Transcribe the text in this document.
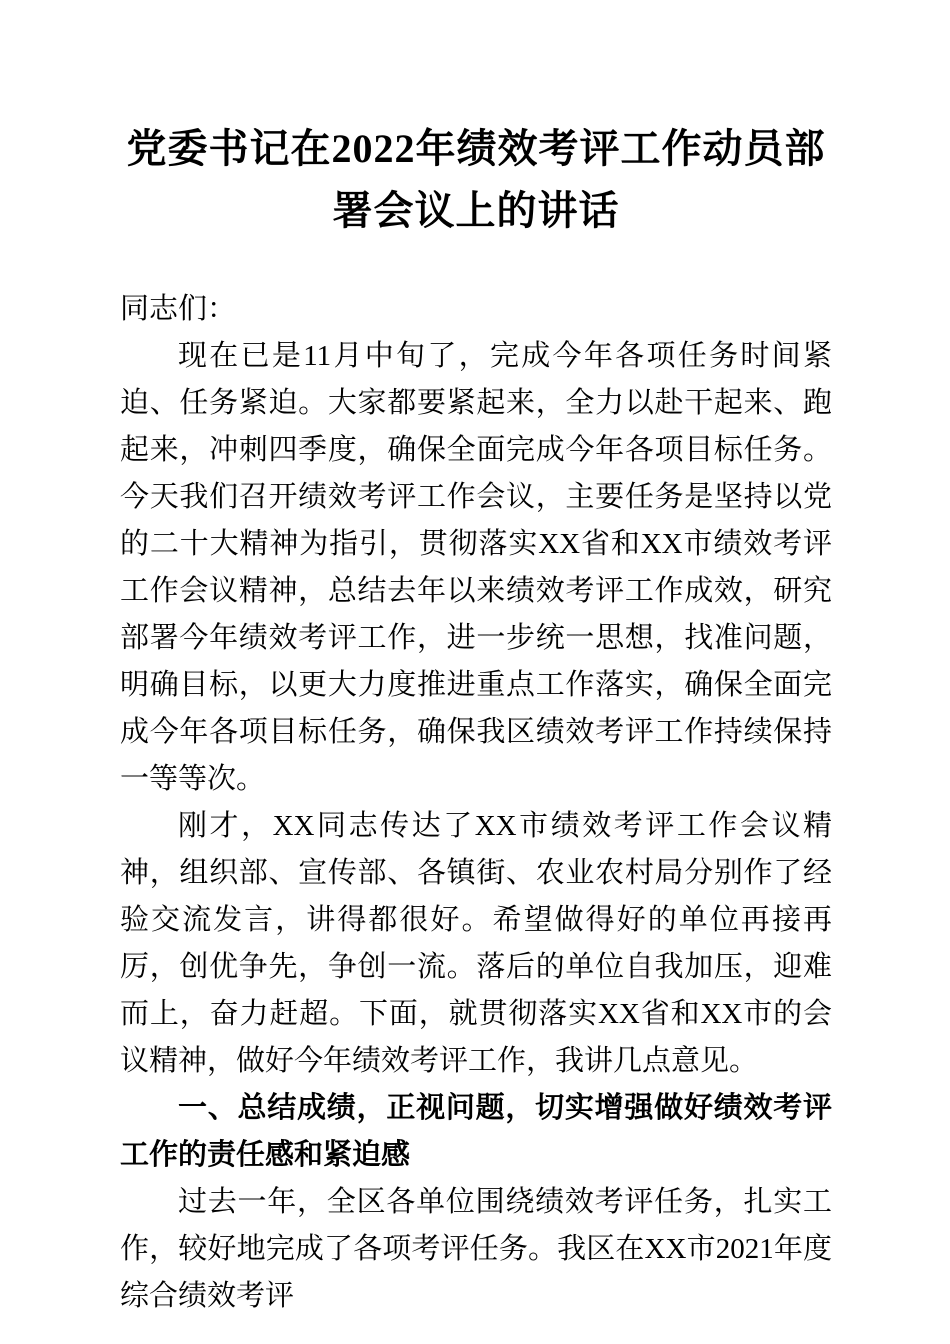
党委书记在2022年绩效考评工作动员部署会议上的讲话

同志们：

现在已是11月中旬了，完成今年各项任务时间紧迫、任务紧迫。大家都要紧起来，全力以赴干起来、跑起来，冲刺四季度，确保全面完成今年各项目标任务。今天我们召开绩效考评工作会议，主要任务是坚持以党的二十大精神为指引，贯彻落实XX省和XX市绩效考评工作会议精神，总结去年以来绩效考评工作成效，研究部署今年绩效考评工作，进一步统一思想，找准问题，明确目标，以更大力度推进重点工作落实，确保全面完成今年各项目标任务，确保我区绩效考评工作持续保持一等等次。

刚才，XX同志传达了XX市绩效考评工作会议精神，组织部、宣传部、各镇街、农业农村局分别作了经验交流发言，讲得都很好。希望做得好的单位再接再厉，创优争先，争创一流。落后的单位自我加压，迎难而上，奋力赶超。下面，就贯彻落实XX省和XX市的会议精神，做好今年绩效考评工作，我讲几点意见。

一、总结成绩，正视问题，切实增强做好绩效考评工作的责任感和紧迫感

过去一年，全区各单位围绕绩效考评任务，扎实工作，较好地完成了各项考评任务。我区在XX市2021年度综合绩效考评
